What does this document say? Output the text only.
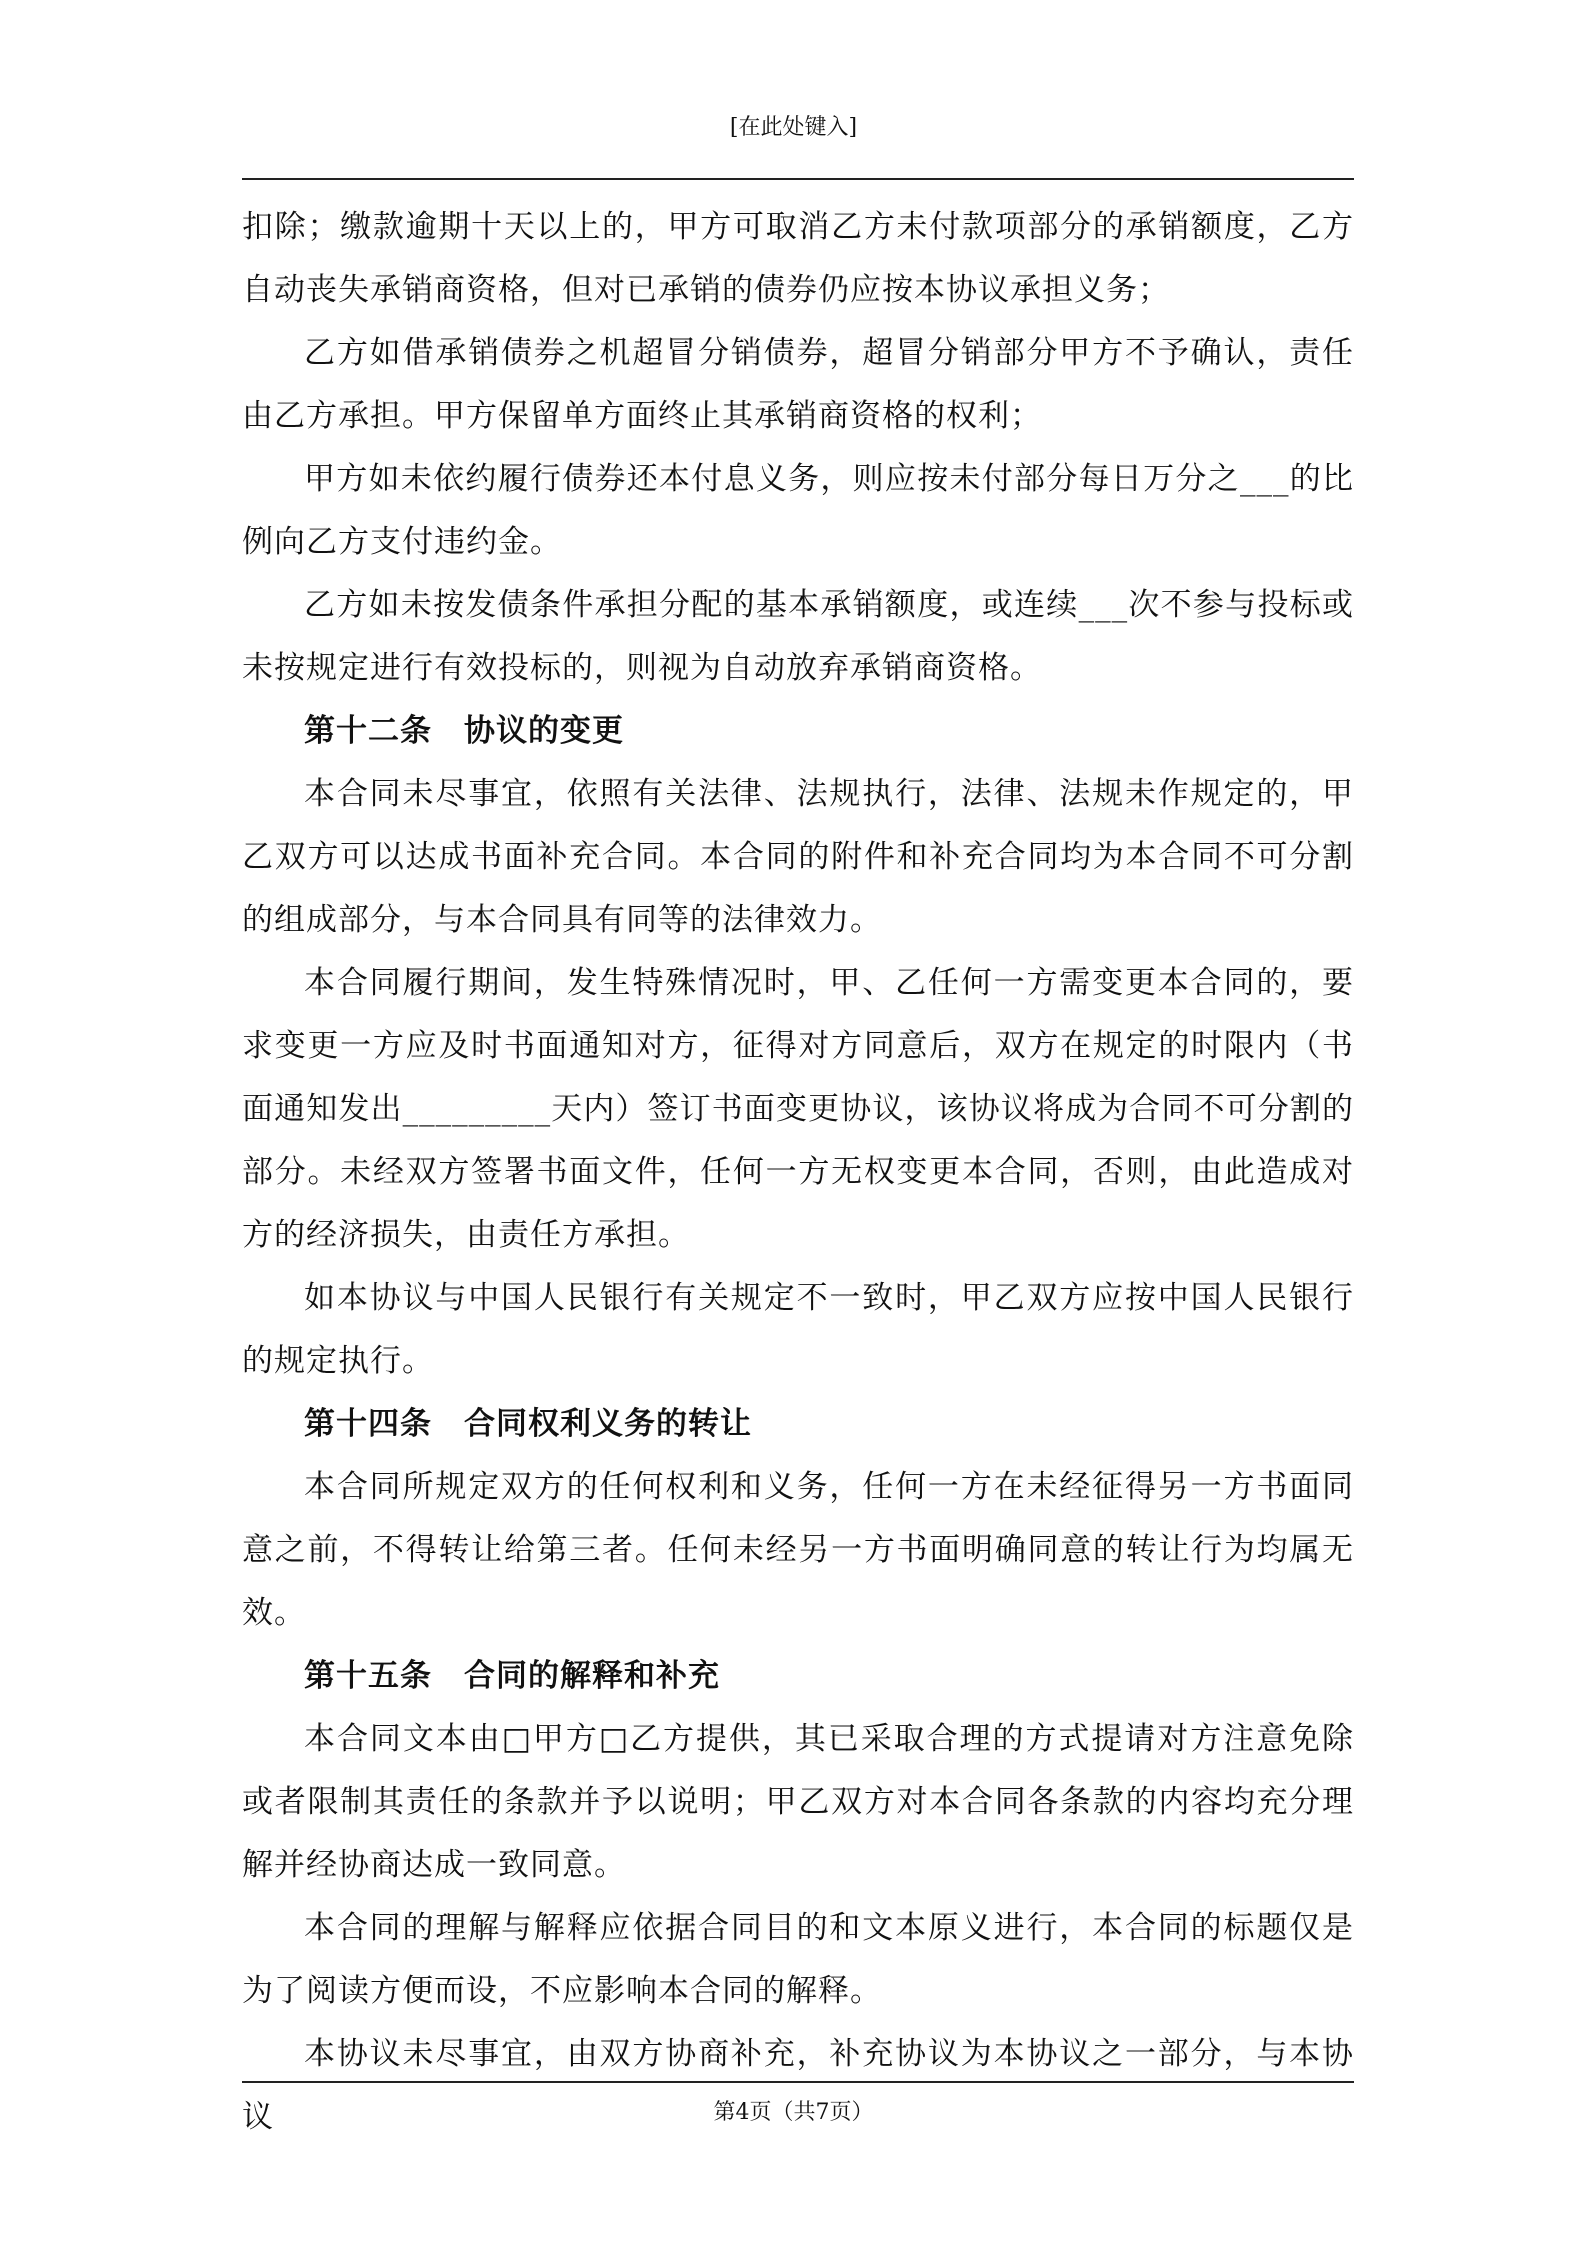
[在此处键入]

扣除；缴款逾期十天以上的，甲方可取消乙方未付款项部分的承销额度，乙方自动丧失承销商资格，但对已承销的债券仍应按本协议承担义务；

乙方如借承销债券之机超冒分销债券，超冒分销部分甲方不予确认，责任由乙方承担。甲方保留单方面终止其承销商资格的权利；

甲方如未依约履行债券还本付息义务，则应按未付部分每日万分之___的比例向乙方支付违约金。

乙方如未按发债条件承担分配的基本承销额度，或连续___次不参与投标或未按规定进行有效投标的，则视为自动放弃承销商资格。

第十二条　协议的变更

本合同未尽事宜，依照有关法律、法规执行，法律、法规未作规定的，甲乙双方可以达成书面补充合同。本合同的附件和补充合同均为本合同不可分割的组成部分，与本合同具有同等的法律效力。

本合同履行期间，发生特殊情况时，甲、乙任何一方需变更本合同的，要求变更一方应及时书面通知对方，征得对方同意后，双方在规定的时限内（书面通知发出_________天内）签订书面变更协议，该协议将成为合同不可分割的部分。未经双方签署书面文件，任何一方无权变更本合同，否则，由此造成对方的经济损失，由责任方承担。

如本协议与中国人民银行有关规定不一致时，甲乙双方应按中国人民银行的规定执行。

第十四条　合同权利义务的转让

本合同所规定双方的任何权利和义务，任何一方在未经征得另一方书面同意之前，不得转让给第三者。任何未经另一方书面明确同意的转让行为均属无效。

第十五条　合同的解释和补充

本合同文本由□甲方□乙方提供，其已采取合理的方式提请对方注意免除或者限制其责任的条款并予以说明；甲乙双方对本合同各条款的内容均充分理解并经协商达成一致同意。

本合同的理解与解释应依据合同目的和文本原义进行，本合同的标题仅是为了阅读方便而设，不应影响本合同的解释。

本协议未尽事宜，由双方协商补充，补充协议为本协议之一部分，与本协议	第4页（共7页）
